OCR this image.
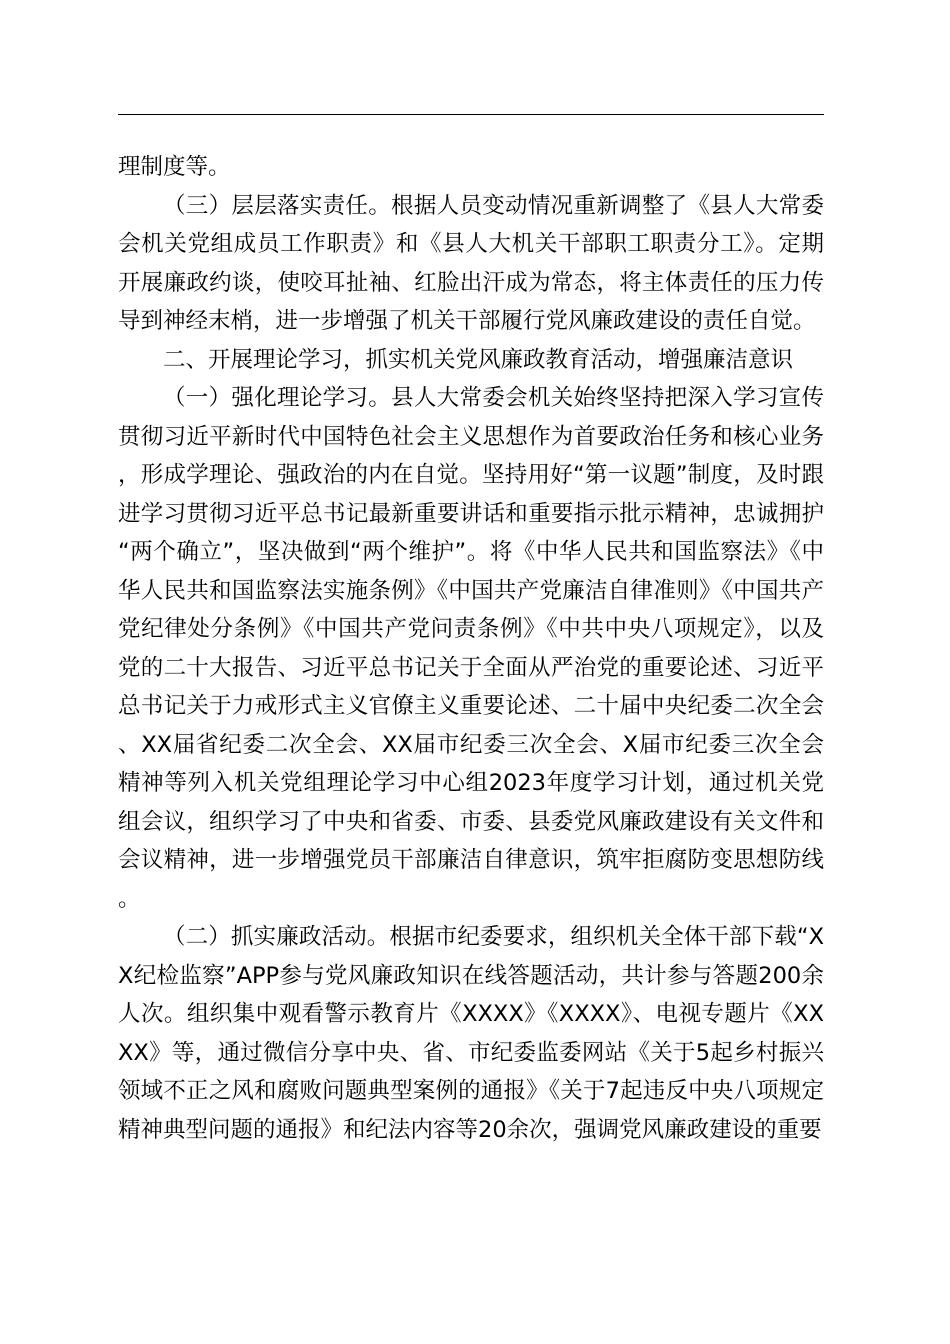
理制度等。

（三）层层落实责任。根据人员变动情况重新调整了《县人大常委会机关党组成员工作职责》和《县人大机关干部职工职责分工》。定期开展廉政约谈，使咬耳扯袖、红脸出汗成为常态，将主体责任的压力传导到神经末梢，进一步增强了机关干部履行党风廉政建设的责任自觉。

二、开展理论学习，抓实机关党风廉政教育活动，增强廉洁意识

（一）强化理论学习。县人大常委会机关始终坚持把深入学习宣传贯彻习近平新时代中国特色社会主义思想作为首要政治任务和核心业务，形成学理论、强政治的内在自觉。坚持用好“第一议题”制度，及时跟进学习贯彻习近平总书记最新重要讲话和重要指示批示精神，忠诚拥护“两个确立”，坚决做到“两个维护”。将《中华人民共和国监察法》《中华人民共和国监察法实施条例》《中国共产党廉洁自律准则》《中国共产党纪律处分条例》《中国共产党问责条例》《中共中央八项规定》，以及党的二十大报告、习近平总书记关于全面从严治党的重要论述、习近平总书记关于力戒形式主义官僚主义重要论述、二十届中央纪委二次全会、XX届省纪委二次全会、XX届市纪委三次全会、X届市纪委三次全会精神等列入机关党组理论学习中心组2023年度学习计划，通过机关党组会议，组织学习了中央和省委、市委、县委党风廉政建设有关文件和会议精神，进一步增强党员干部廉洁自律意识，筑牢拒腐防变思想防线。

（二）抓实廉政活动。根据市纪委要求，组织机关全体干部下载“XX纪检监察”APP参与党风廉政知识在线答题活动，共计参与答题200余人次。组织集中观看警示教育片《XXXX》《XXXX》、电视专题片《XXXX》等，通过微信分享中央、省、市纪委监委网站《关于5起乡村振兴领域不正之风和腐败问题典型案例的通报》《关于7起违反中央八项规定精神典型问题的通报》和纪法内容等20余次，强调党风廉政建设的重要
